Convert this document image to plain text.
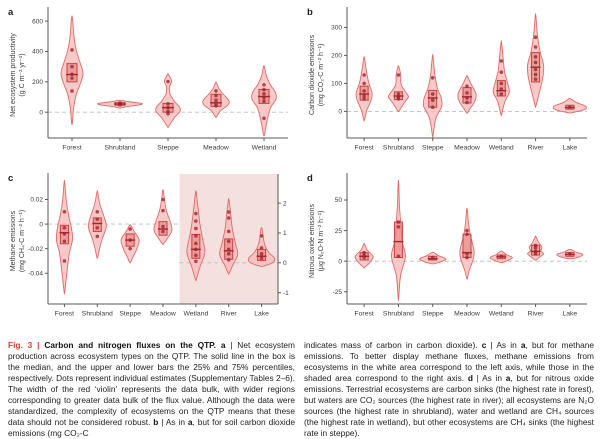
600
400
200
0
Forest	Shrubland	Steppe	Meadow	Wetland
Net ecosystem productivity (g C m⁻² yr⁻¹)
a
300
200
100
0
Forest Shrubland Steppe Meadow Wetland River	Lake
Carbon dioxide emissions (mg CO₂-C m⁻² h⁻¹)
b
0.02
0
-0.02
-0.04
2
1
0
-1
Forest Shrubland Steppe Meadow Wetland River	Lake
Methane emissions (mg CH₄-C m⁻² h⁻¹)
c
50
25
0
-25
Forest Shrubland Steppe Meadow Wetland River	Lake
Nitrous oxide emissions (μg N₂O-N m⁻² h⁻¹)
d

Fig. 3 | Carbon and nitrogen fluxes on the QTP. a | Net ecosystem production across ecosystem types on the QTP. The solid line in the box is the median, and the upper and lower bars the 25% and 75% percentiles, respectively. Dots represent individual estimates (Supplementary Tables 2–6). The width of the red ‘violin’ represents the data bulk, with wider regions corresponding to greater data bulk of the flux value. Although the data were standardized, the complexity of ecosystems on the QTP means that these data should not be considered robust. b | As in a, but for soil carbon dioxide emissions (mg CO₂-C

indicates mass of carbon in carbon dioxide). c | As in a, but for methane emissions. To better display methane fluxes, methane emissions from ecosystems in the white area correspond to the left axis, while those in the shaded area correspond to the right axis. d | As in a, but for nitrous oxide emissions. Terrestrial ecosystems are carbon sinks (the highest rate in forest), but waters are CO₂ sources (the highest rate in river); all ecosystems are N₂O sources (the highest rate in shrubland), water and wetland are CH₄ sources (the highest rate in wetland), but other ecosystems are CH₄ sinks (the highest rate in steppe).
